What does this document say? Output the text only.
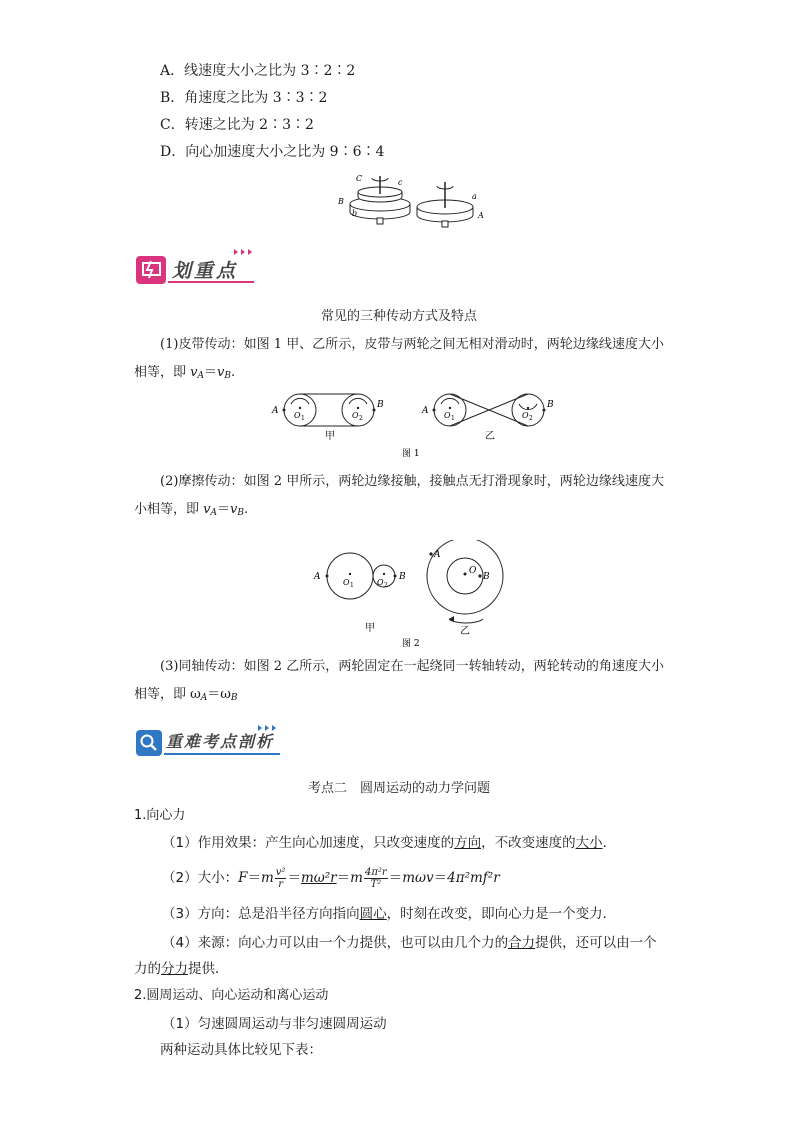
A．线速度大小之比为 3∶2∶2
B．角速度之比为 3∶3∶2
C．转速之比为 2∶3∶2
D．向心加速度大小之比为 9∶6∶4
C	c
B
b
a
A
划重点
常见的三种传动方式及特点
(1)皮带传动：如图 1 甲、乙所示，皮带与两轮之间无相对滑动时，两轮边缘线速度大小相等，即 $v_A=v_B$.
A
B
O 1	O 2
甲
A
B
O 1	O 2
乙
图 1
(2)摩擦传动：如图 2 甲所示，两轮边缘接触，接触点无打滑现象时，两轮边缘线速度大小相等，即 $v_A=v_B$.
A	B
O 1	O 2
甲
A
B
O
乙
图 2
(3)同轴传动：如图 2 乙所示，两轮固定在一起绕同一转轴转动，两轮转动的角速度大小相等，即 $\omega_A=\omega_B$
重难考点剖析
考点二　圆周运动的动力学问题
1.向心力
（1）作用效果：产生向心加速度，只改变速度的方向，不改变速度的大小．
（2）大小：$F=m \frac{\text{v²}}{r} =m\omega^2r=m \frac{\text{4π²r}}{\text{T²}} =m\omega v=4\pi^2mf^2r$
（3）方向：总是沿半径方向指向圆心，时刻在改变，即向心力是一个变力．
（4）来源：向心力可以由一个力提供，也可以由几个力的合力提供，还可以由一个力的分力提供．
2.圆周运动、向心运动和离心运动
（1）匀速圆周运动与非匀速圆周运动
两种运动具体比较见下表：
